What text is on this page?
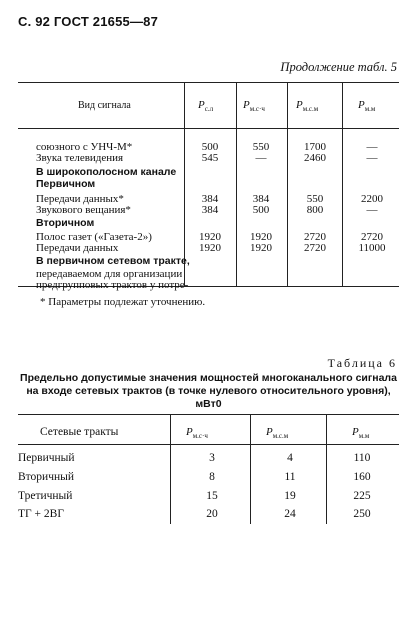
С. 92 ГОСТ 21655—87
Продолжение табл. 5
Вид сигнала	$P_{с.л}$	$P_{м.с\cdot ч}$	$P_{м.с.м}$	$P_{м.м}$
союзного с УНЧ-М*	500	550	1700	—
Звука телевидения	545	—	2460	—
В широкополосном канале
Первичном
Передачи данных*	384	384	550	2200
Звукового вещания*	384	500	800	—
Вторичном
Полос газет («Газета-2»)	1920	1920	2720	2720
Передачи данных	1920	1920	2720	11000
В первичном сетевом тракте,
передаваемом для организации
предгрупповых трактов у потре-
* Параметры подлежат уточнению.
Таблица 6
Предельно допустимые значения мощностей многоканального сигнала
на входе сетевых трактов (в точке нулевого относительного уровня),
мВт0
Сетевые тракты	$P_{м.с\cdot ч}$	$P_{м.с.м}$	$P_{м.м}$
Первичный	3	4	110
Вторичный	8	11	160
Третичный	15	19	225
ТГ + 2ВГ	20	24	250
